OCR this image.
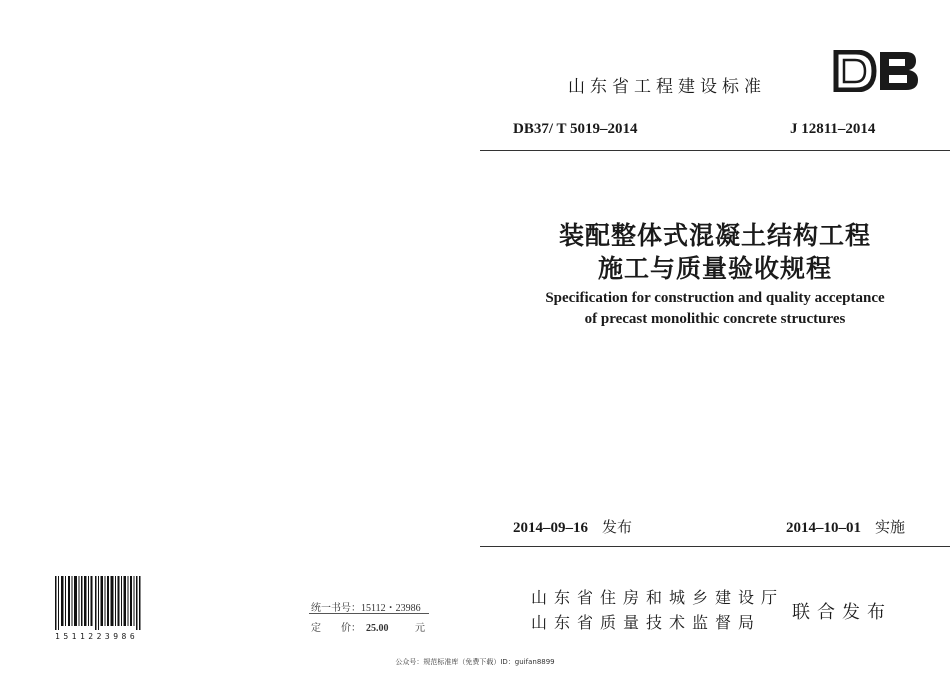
山东省工程建设标准
DB37/ T 5019–2014	J 12811–2014
装配整体式混凝土结构工程
施工与质量验收规程
Specification for construction and quality acceptance
of precast monolithic concrete structures
2014–09–16 发布	2014–10–01 实施
山东省住房和城乡建设厅
山东省质量技术监督局 联合发布
1511223986
统一书号：15112・23986
定　　价： 25.00	元
公众号：规范标准库（免费下载）ID：guifan8899
